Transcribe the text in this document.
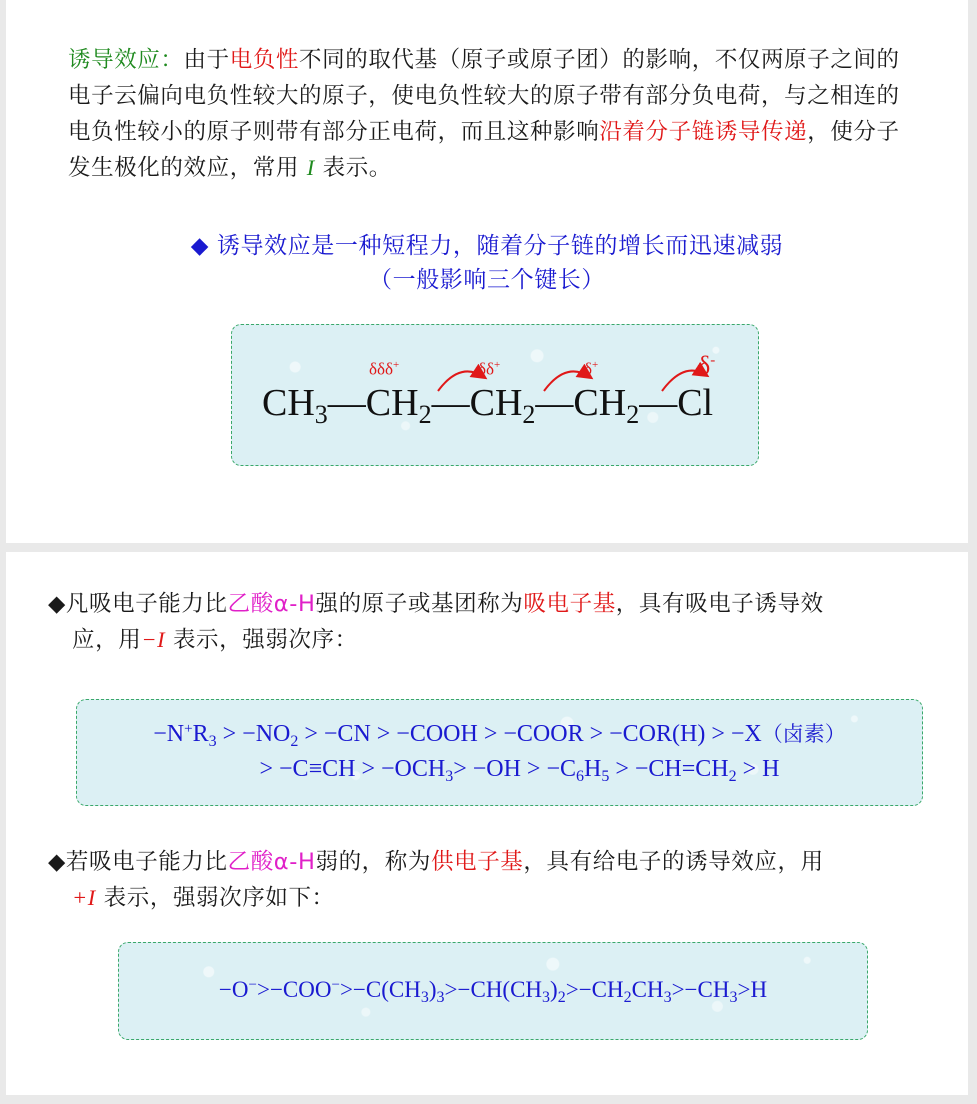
诱导效应：由于电负性不同的取代基（原子或原子团）的影响，不仅两原子之间的电子云偏向电负性较大的原子，使电负性较大的原子带有部分负电荷，与之相连的电负性较小的原子则带有部分正电荷，而且这种影响沿着分子链诱导传递，使分子发生极化的效应，常用 I 表示。
◆ 诱导效应是一种短程力，随着分子链的增长而迅速减弱
（一般影响三个键长）
$CH_3—CH_2—CH_2—CH_2—Cl$
δδδ+	δδ+	δ+	δ-
◆凡吸电子能力比乙酸α-H强的原子或基团称为吸电子基，具有吸电子诱导效
应，用−I 表示，强弱次序：
$-N^+R_3 > -NO_2 > -CN$ > −COOH > −COOR > −COR(H) > −X（卤素）
> $-C\equiv CH > -OCH_3> -OH > -C_6H_5 > -CH=CH_2 > H$
◆若吸电子能力比乙酸α-H弱的，称为供电子基，具有给电子的诱导效应，用
+I 表示，强弱次序如下：
$-O^->-COO^->-C(CH_3)_3>-CH(CH_3)_2>-CH_2CH_3>-CH_3>H$
